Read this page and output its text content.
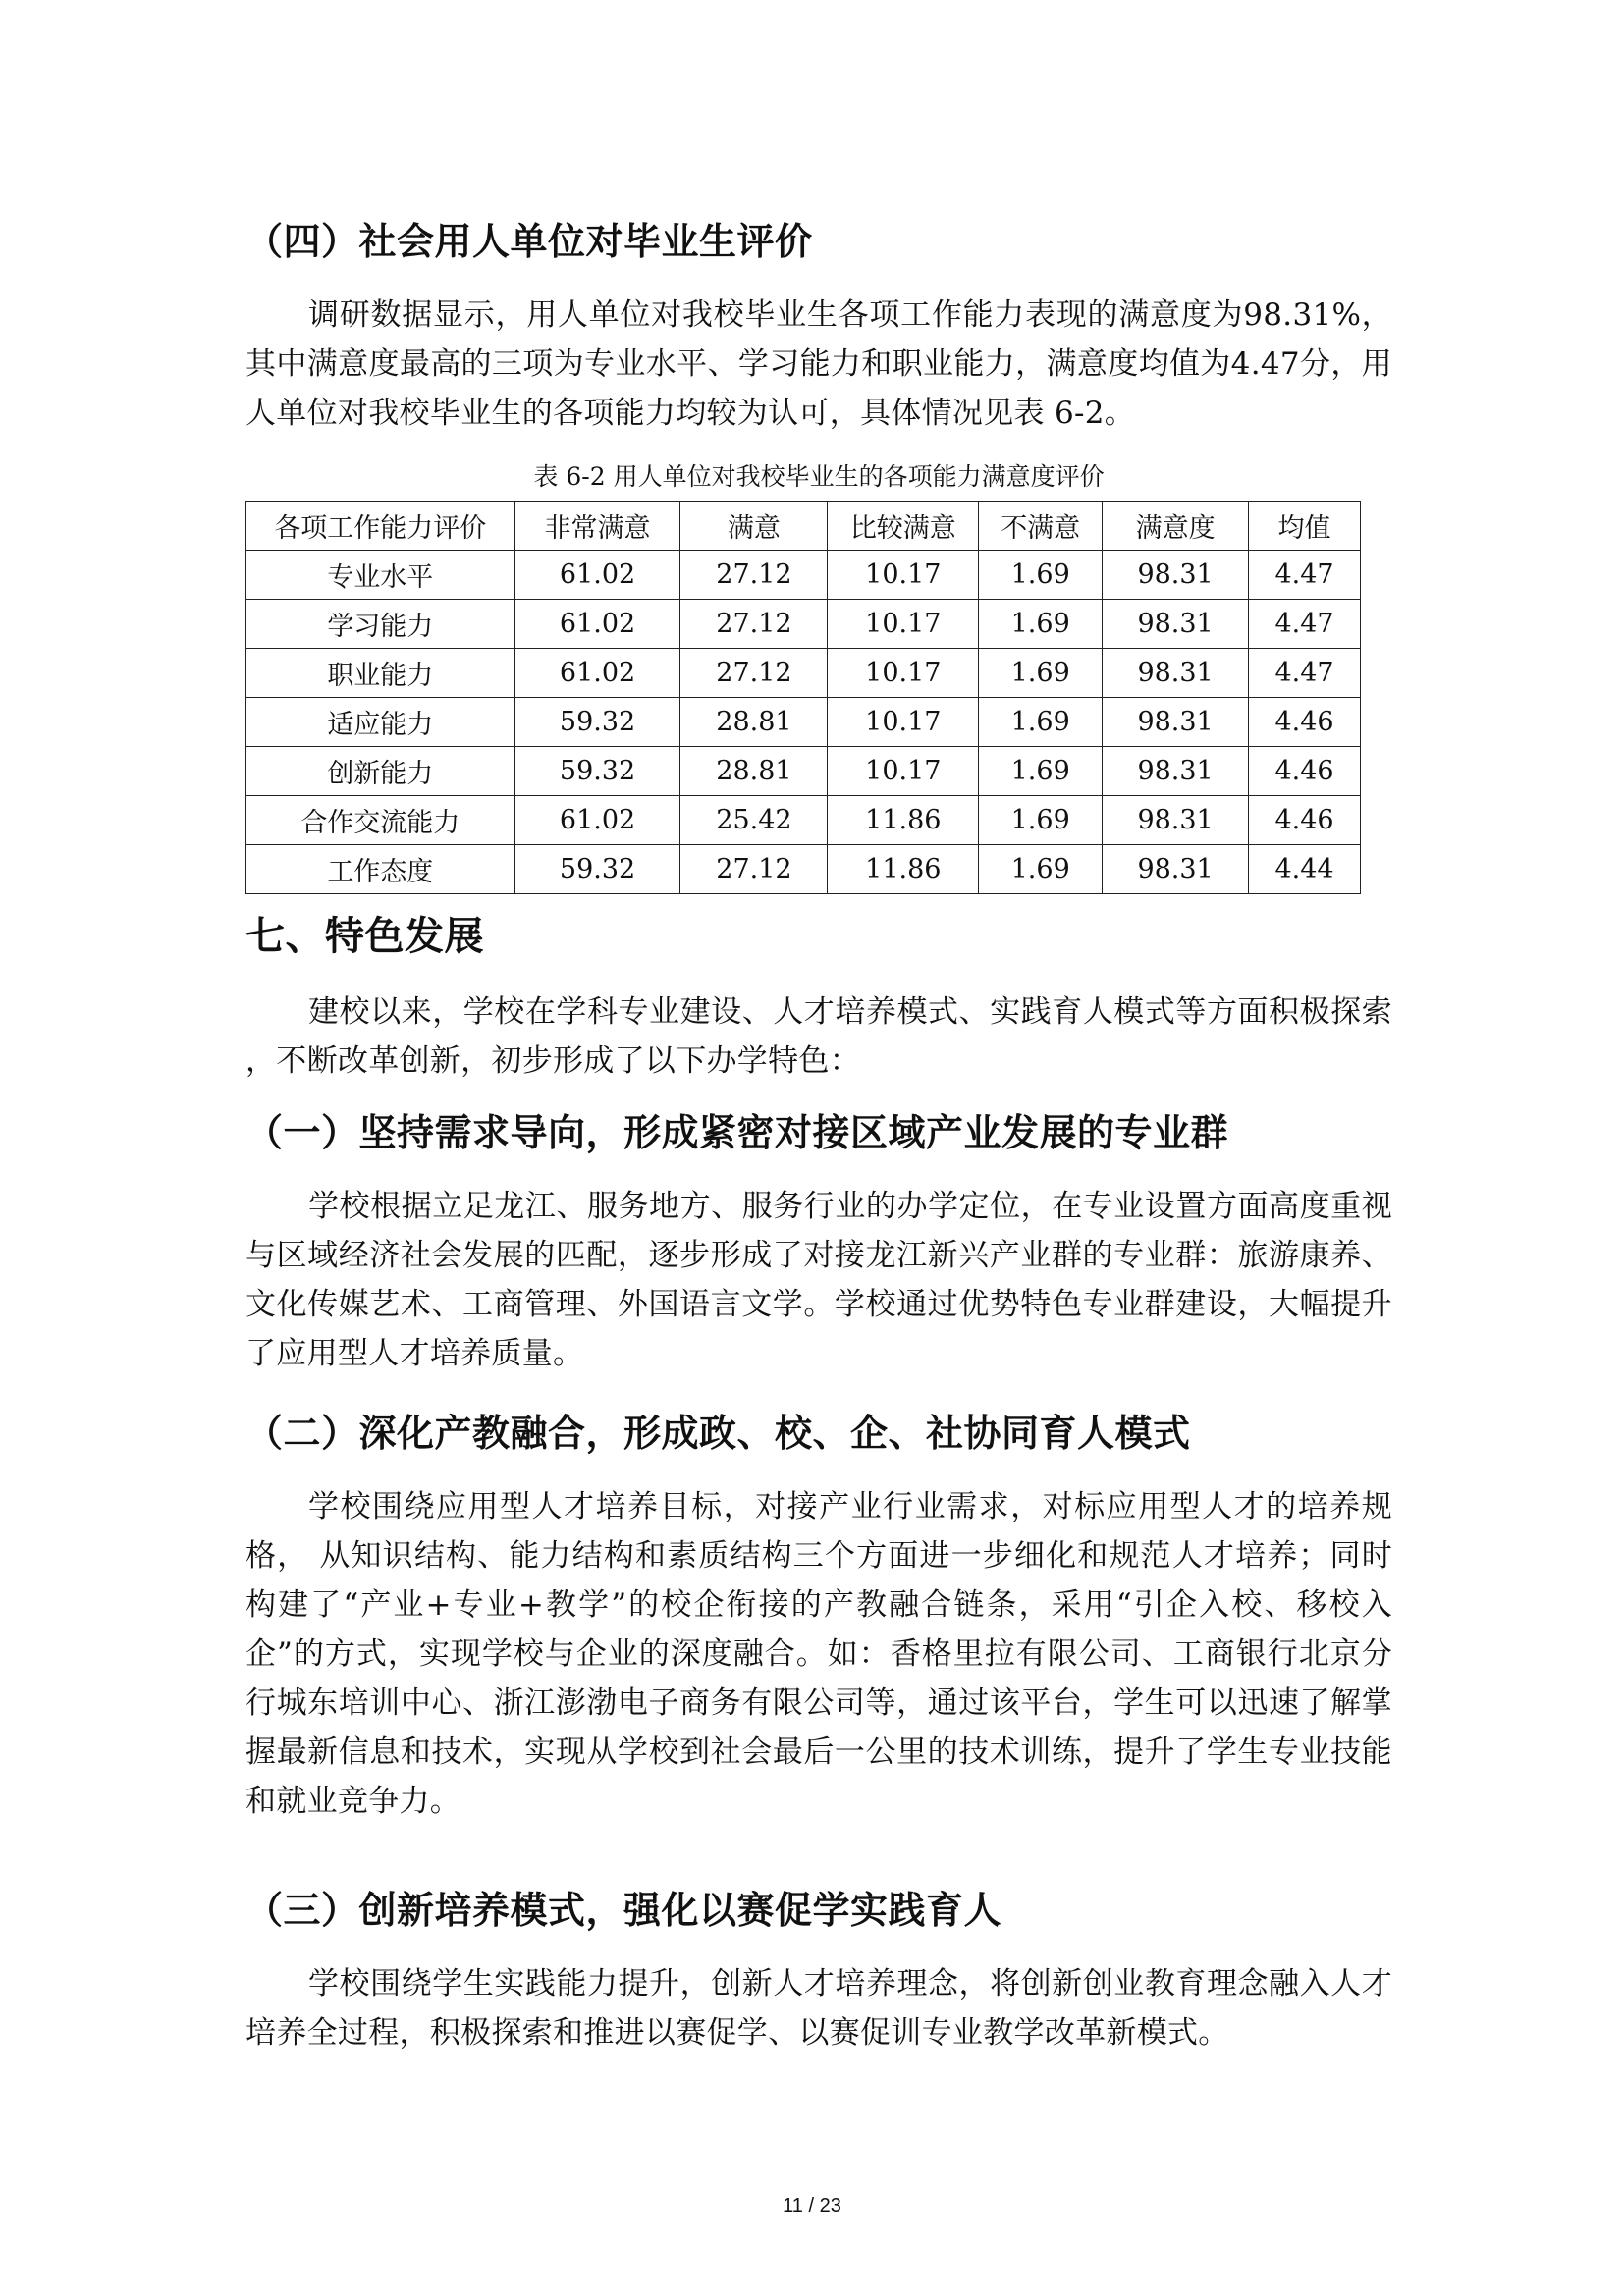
（四）社会用人单位对毕业生评价

调研数据显示，用人单位对我校毕业生各项工作能力表现的满意度为98.31%，其中满意度最高的三项为专业水平、学习能力和职业能力，满意度均值为4.47分，用人单位对我校毕业生的各项能力均较为认可，具体情况见表 6-2。

表 6-2 用人单位对我校毕业生的各项能力满意度评价

各项工作能力评价	非常满意	满意	比较满意	不满意	满意度	均值
专业水平	61.02	27.12	10.17	1.69	98.31	4.47
学习能力	61.02	27.12	10.17	1.69	98.31	4.47
职业能力	61.02	27.12	10.17	1.69	98.31	4.47
适应能力	59.32	28.81	10.17	1.69	98.31	4.46
创新能力	59.32	28.81	10.17	1.69	98.31	4.46
合作交流能力	61.02	25.42	11.86	1.69	98.31	4.46
工作态度	59.32	27.12	11.86	1.69	98.31	4.44
七、特色发展

建校以来，学校在学科专业建设、人才培养模式、实践育人模式等方面积极探索 ，不断改革创新，初步形成了以下办学特色：

（一）坚持需求导向，形成紧密对接区域产业发展的专业群

学校根据立足龙江、服务地方、服务行业的办学定位，在专业设置方面高度重视与区域经济社会发展的匹配，逐步形成了对接龙江新兴产业群的专业群：旅游康养、文化传媒艺术、工商管理、外国语言文学。学校通过优势特色专业群建设，大幅提升了应用型人才培养质量。

（二）深化产教融合，形成政、校、企、社协同育人模式

学校围绕应用型人才培养目标，对接产业行业需求，对标应用型人才的培养规格， 从知识结构、能力结构和素质结构三个方面进一步细化和规范人才培养；同时构建了“产业+专业+教学”的校企衔接的产教融合链条，采用“引企入校、移校入企”的方式，实现学校与企业的深度融合。如：香格里拉有限公司、工商银行北京分行城东培训中心、浙江澎渤电子商务有限公司等，通过该平台，学生可以迅速了解掌握最新信息和技术，实现从学校到社会最后一公里的技术训练，提升了学生专业技能和就业竞争力。

（三）创新培养模式，强化以赛促学实践育人

学校围绕学生实践能力提升，创新人才培养理念，将创新创业教育理念融入人才 培养全过程，积极探索和推进以赛促学、以赛促训专业教学改革新模式。

11 / 23
